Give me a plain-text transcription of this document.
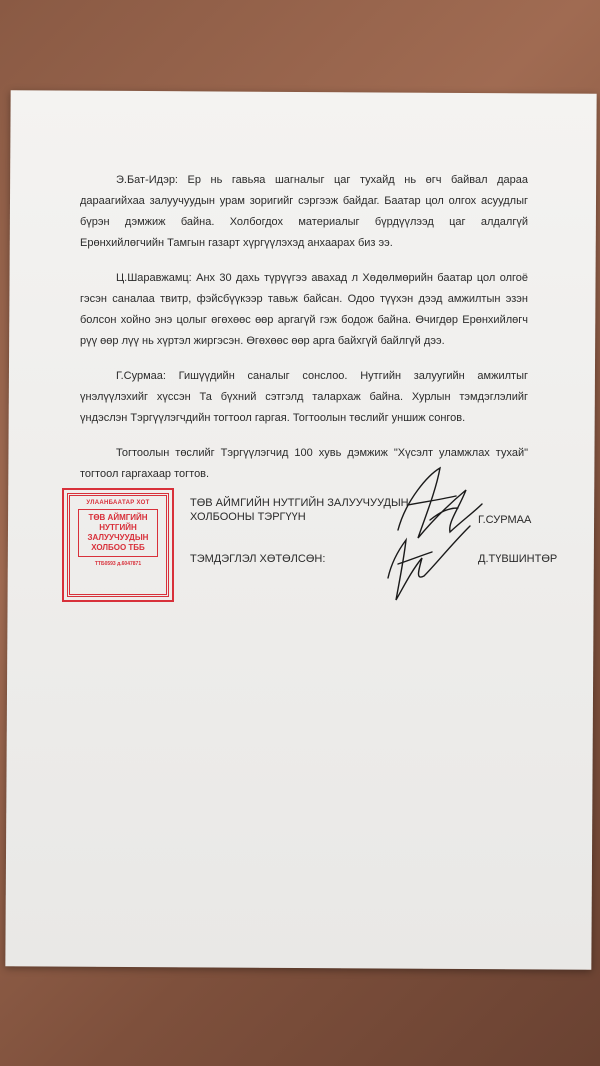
Э.Бат-Идэр: Ер нь гавьяа шагналыг цаг тухайд нь өгч байвал дараа дараагийхаа залуучуудын урам зоригийг сэргээж байдаг. Баатар цол олгох асуудлыг бүрэн дэмжиж байна. Холбогдох материалыг бүрдүүлээд цаг алдалгүй Ерөнхийлөгчийн Тамгын газарт хүргүүлэхэд анхаарах биз ээ.

Ц.Шаравжамц: Анх 30 дахь түрүүгээ авахад л Хөдөлмөрийн баатар цол олгоё гэсэн саналаа твитр, фэйсбүүкээр тавьж байсан. Одоо түүхэн дээд амжилтын эзэн болсон хойно энэ цолыг өгөхөөс өөр аргагүй гэж бодож байна. Өчигдөр Ерөнхийлөгч рүү өөр лүү нь хүртэл жиргэсэн. Өгөхөөс өөр арга байхгүй байлгүй дээ.

Г.Сурмаа: Гишүүдийн саналыг сонслоо. Нутгийн залуугийн амжилтыг үнэлүүлэхийг хүссэн Та бүхний сэтгэлд талархаж байна. Хурлын тэмдэглэлийг үндэслэн Тэргүүлэгчдийн тогтоол гаргая. Тогтоолын төслийг уншиж сонгов.

Тогтоолын төслийг Тэргүүлэгчид 100 хувь дэмжиж "Хүсэлт уламжлах тухай" тогтоол гаргахаар тогтов.

УЛААНБААТАР ХОТ
ТӨВ АЙМГИЙН НУТГИЙН ЗАЛУУЧУУДЫН ХОЛБОО ТББ
ТТБ0593 д.6047871
ТӨВ АЙМГИЙН НУТГИЙН ЗАЛУУЧУУДЫН ХОЛБООНЫ ТЭРГҮҮН	Г.СУРМАА
ТЭМДЭГЛЭЛ ХӨТӨЛСӨН:	Д.ТҮВШИНТӨР
